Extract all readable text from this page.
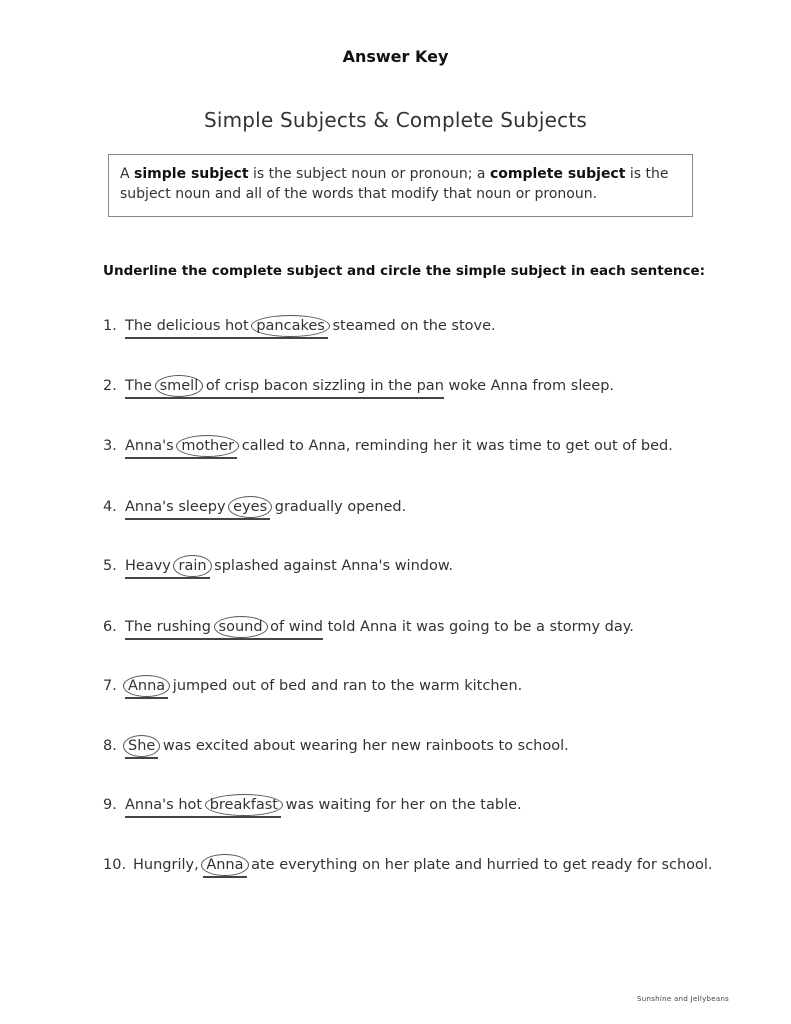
Answer Key
Simple Subjects & Complete Subjects
A simple subject is the subject noun or pronoun; a complete subject is the subject noun and all of the words that modify that noun or pronoun.
Underline the complete subject and circle the simple subject in each sentence:
1. The delicious hot pancakes steamed on the stove.
2. The smell of crisp bacon sizzling in the pan woke Anna from sleep.
3. Anna's mother called to Anna, reminding her it was time to get out of bed.
4. Anna's sleepy eyes gradually opened.
5. Heavy rain splashed against Anna's window.
6. The rushing sound of wind told Anna it was going to be a stormy day.
7. Anna jumped out of bed and ran to the warm kitchen.
8. She was excited about wearing her new rainboots to school.
9. Anna's hot breakfast was waiting for her on the table.
10. Hungrily, Anna ate everything on her plate and hurried to get ready for school.
Sunshine and Jellybeans
